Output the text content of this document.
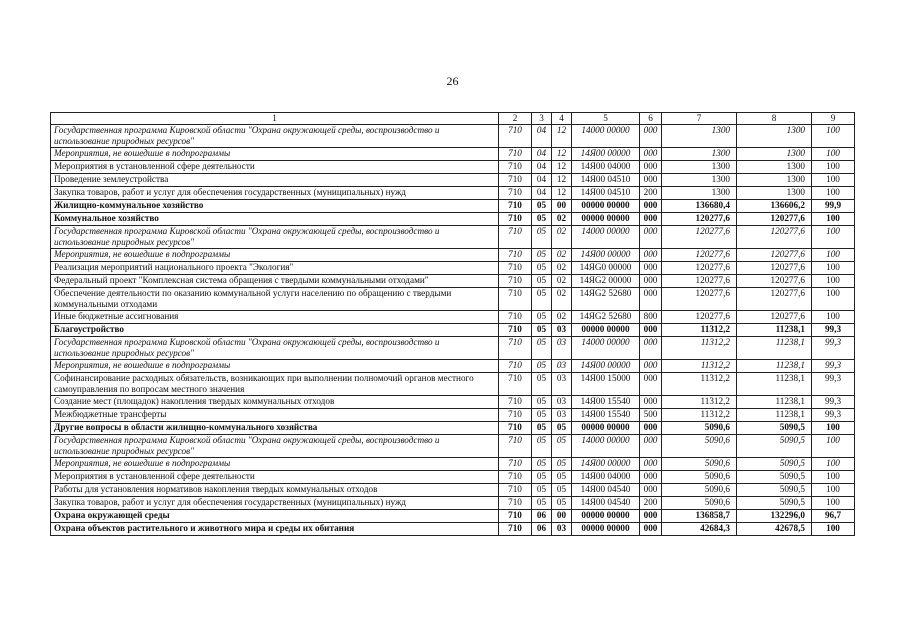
26
1	2	3	4	5	6	7	8	9
Государственная программа Кировской области "Охрана окружающей среды, воспроизводство и использование природных ресурсов"	710	04	12	14000 00000	000	1300	1300	100
Мероприятия, не вошедшие в подпрограммы	710	04	12	14Я00 00000	000	1300	1300	100
Мероприятия в установленной сфере деятельности	710	04	12	14Я00 04000	000	1300	1300	100
Проведение землеустройства	710	04	12	14Я00 04510	000	1300	1300	100
Закупка товаров, работ и услуг для обеспечения государственных (муниципальных) нужд	710	04	12	14Я00 04510	200	1300	1300	100
Жилищно-коммунальное хозяйство	710	05	00	00000 00000	000	136680,4	136606,2	99,9
Коммунальное хозяйство	710	05	02	00000 00000	000	120277,6	120277,6	100
Государственная программа Кировской области "Охрана окружающей среды, воспроизводство и использование природных ресурсов"	710	05	02	14000 00000	000	120277,6	120277,6	100
Мероприятия, не вошедшие в подпрограммы	710	05	02	14Я00 00000	000	120277,6	120277,6	100
Реализация мероприятий национального проекта "Экология"	710	05	02	14ЯG0 00000	000	120277,6	120277,6	100
Федеральный проект "Комплексная система обращения с твердыми коммунальными отходами"	710	05	02	14ЯG2 00000	000	120277,6	120277,6	100
Обеспечение деятельности по оказанию коммунальной услуги населению по обращению с твердыми коммунальными отходами	710	05	02	14ЯG2 52680	000	120277,6	120277,6	100
Иные бюджетные ассигнования	710	05	02	14ЯG2 52680	800	120277,6	120277,6	100
Благоустройство	710	05	03	00000 00000	000	11312,2	11238,1	99,3
Государственная программа Кировской области "Охрана окружающей среды, воспроизводство и использование природных ресурсов"	710	05	03	14000 00000	000	11312,2	11238,1	99,3
Мероприятия, не вошедшие в подпрограммы	710	05	03	14Я00 00000	000	11312,2	11238,1	99,3
Софинансирование расходных обязательств, возникающих при выполнении полномочий органов местного самоуправления по вопросам местного значения	710	05	03	14Я00 15000	000	11312,2	11238,1	99,3
Создание мест (площадок) накопления твердых коммунальных отходов	710	05	03	14Я00 15540	000	11312,2	11238,1	99,3
Межбюджетные трансферты	710	05	03	14Я00 15540	500	11312,2	11238,1	99,3
Другие вопросы в области жилищно-коммунального хозяйства	710	05	05	00000 00000	000	5090,6	5090,5	100
Государственная программа Кировской области "Охрана окружающей среды, воспроизводство и использование природных ресурсов"	710	05	05	14000 00000	000	5090,6	5090,5	100
Мероприятия, не вошедшие в подпрограммы	710	05	05	14Я00 00000	000	5090,6	5090,5	100
Мероприятия в установленной сфере деятельности	710	05	05	14Я00 04000	000	5090,6	5090,5	100
Работы для установления нормативов накопления твердых коммунальных отходов	710	05	05	14Я00 04540	000	5090,6	5090,5	100
Закупка товаров, работ и услуг для обеспечения государственных (муниципальных) нужд	710	05	05	14Я00 04540	200	5090,6	5090,5	100
Охрана окружающей среды	710	06	00	00000 00000	000	136858,7	132296,0	96,7
Охрана объектов растительного и животного мира и среды их обитания	710	06	03	00000 00000	000	42684,3	42678,5	100
